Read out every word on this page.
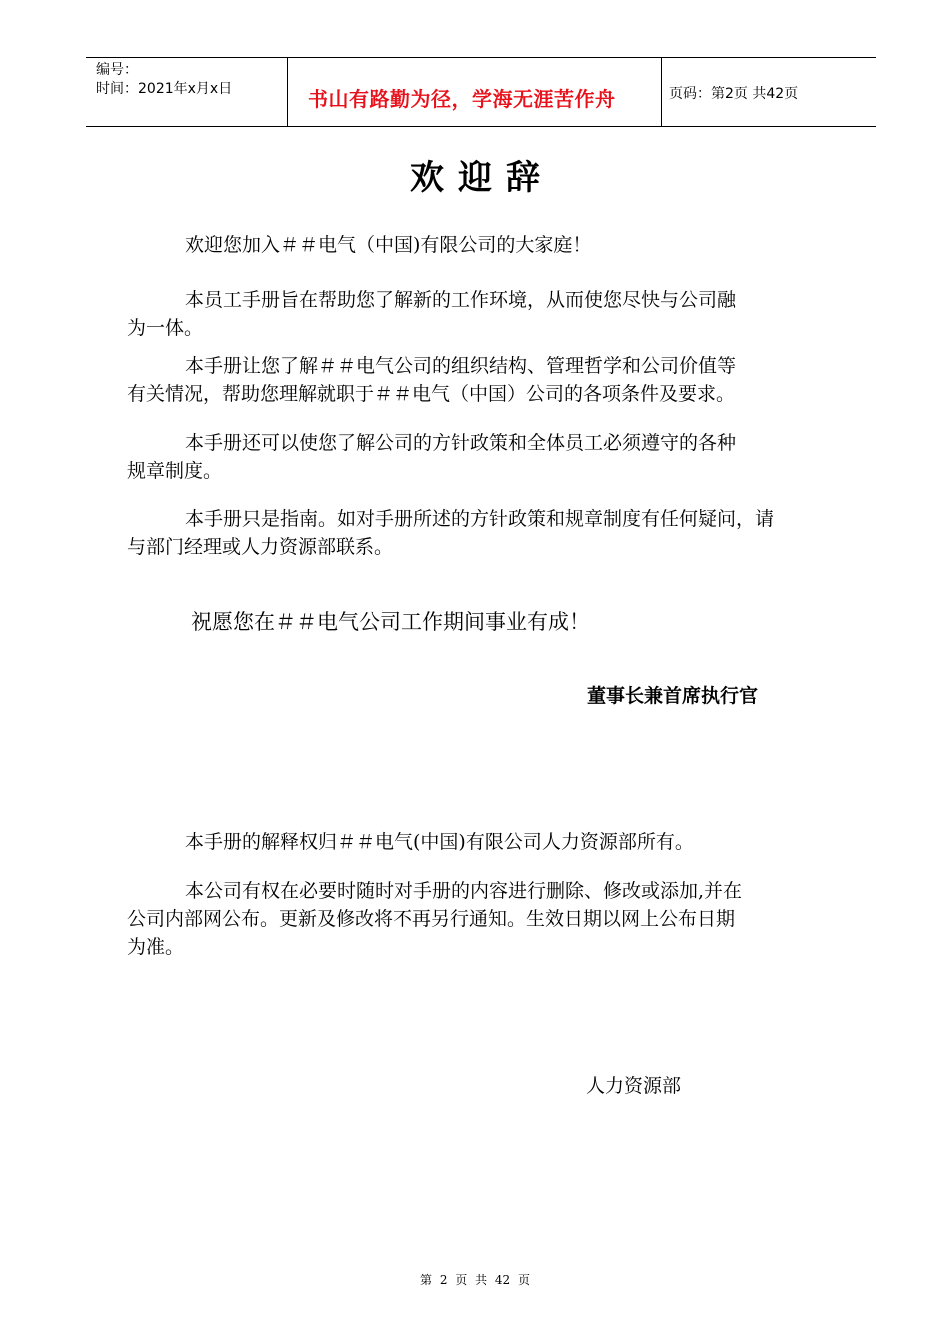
编号：
时间：2021年x月x日	书山有路勤为径，学海无涯苦作舟	页码：第2页 共42页
欢迎辞

欢迎您加入＃＃电气（中国)有限公司的大家庭！

本员工手册旨在帮助您了解新的工作环境，从而使您尽快与公司融
为一体。

本手册让您了解＃＃电气公司的组织结构、管理哲学和公司价值等
有关情况，帮助您理解就职于＃＃电气（中国）公司的各项条件及要求。

本手册还可以使您了解公司的方针政策和全体员工必须遵守的各种
规章制度。

本手册只是指南。如对手册所述的方针政策和规章制度有任何疑问，请
与部门经理或人力资源部联系。

祝愿您在＃＃电气公司工作期间事业有成！
董事长兼首席执行官

本手册的解释权归＃＃电气(中国)有限公司人力资源部所有。

本公司有权在必要时随时对手册的内容进行删除、修改或添加,并在
公司内部网公布。更新及修改将不再另行通知。生效日期以网上公布日期
为准。

人力资源部
第 2 页 共 42 页
